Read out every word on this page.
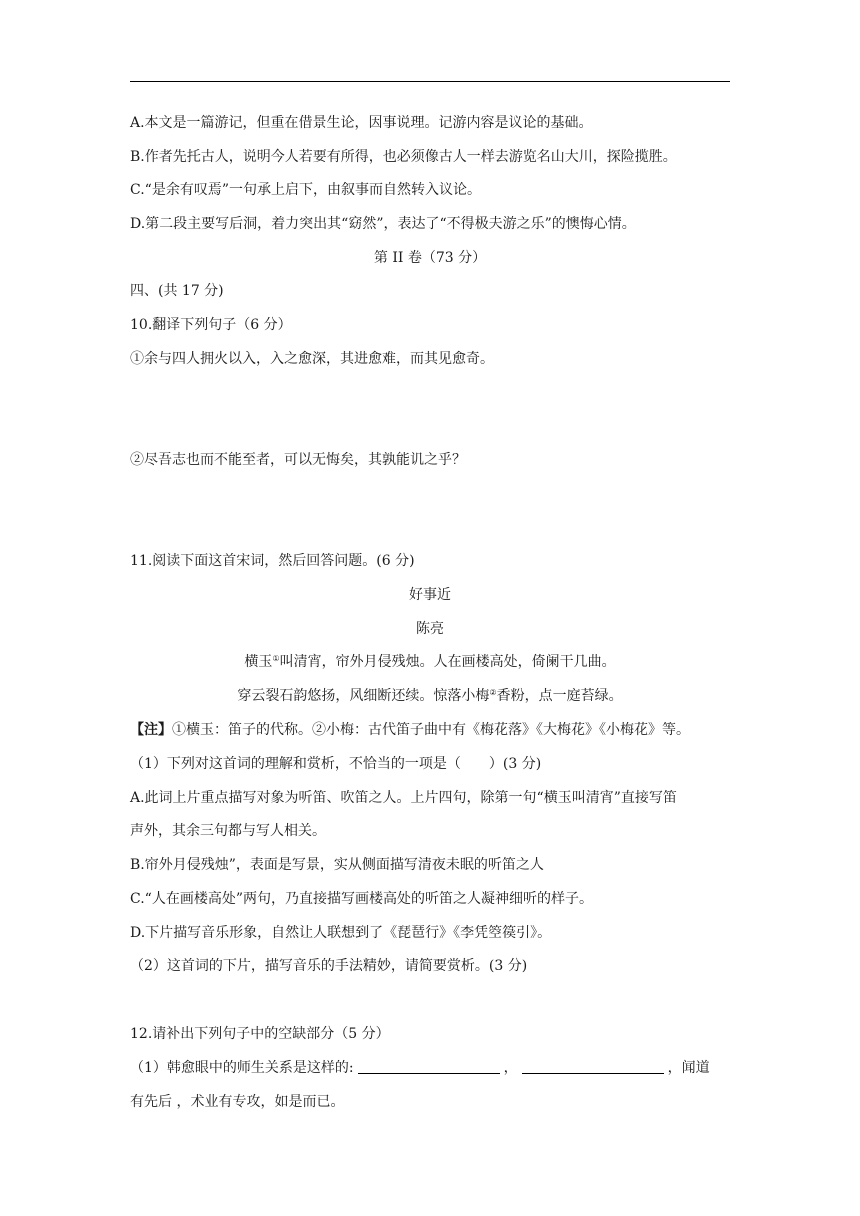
A.本文是一篇游记，但重在借景生论，因事说理。记游内容是议论的基础。
B.作者先托古人，说明今人若要有所得，也必须像古人一样去游览名山大川，探险揽胜。
C.“是余有叹焉”一句承上启下，由叙事而自然转入议论。
D.第二段主要写后洞，着力突出其“窈然”，表达了“不得极夫游之乐”的懊悔心情。
第 II 卷（73 分）
四、(共 17 分)
10.翻译下列句子（6 分）
①余与四人拥火以入，入之愈深，其进愈难，而其见愈奇。
②尽吾志也而不能至者，可以无悔矣，其孰能讥之乎？
11.阅读下面这首宋词，然后回答问题。(6 分)
好事近
陈亮
横玉①叫清宵，帘外月侵残烛。人在画楼高处，倚阑干几曲。
穿云裂石韵悠扬，风细断还续。惊落小梅②香粉，点一庭苔绿。
【注】①横玉：笛子的代称。②小梅：古代笛子曲中有《梅花落》《大梅花》《小梅花》等。
（1）下列对这首词的理解和赏析，不恰当的一项是（　　）(3 分)
A.此词上片重点描写对象为听笛、吹笛之人。上片四句，除第一句“横玉叫清宵”直接写笛
声外，其余三句都与写人相关。
B.帘外月侵残烛”，表面是写景，实从侧面描写清夜未眠的听笛之人
C.“人在画楼高处”两句，乃直接描写画楼高处的听笛之人凝神细听的样子。
D.下片描写音乐形象，自然让人联想到了《琵琶行》《李凭箜篌引》。
（2）这首词的下片，描写音乐的手法精妙，请简要赏析。(3 分)
12.请补出下列句子中的空缺部分（5 分）
（1）韩愈眼中的师生关系是这样的:	，	，闻道
有先后 ，术业有专攻，如是而已。
